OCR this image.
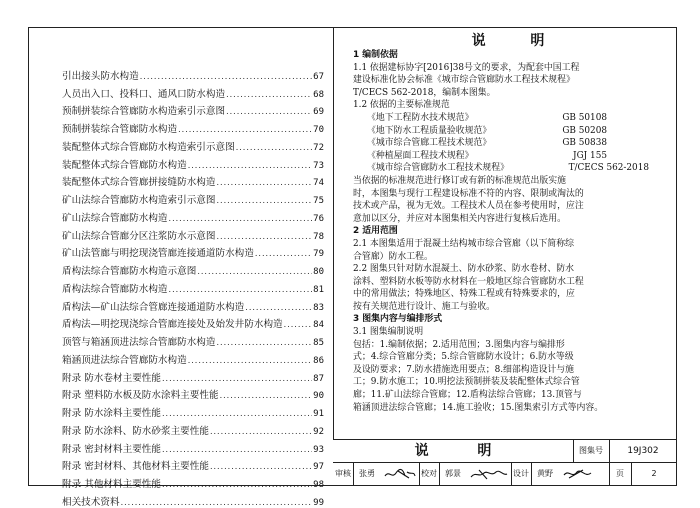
引出接头防水构造 .....	67
人员出入口、投料口、通风口防水构造 .....	68
预制拼装综合管廊防水构造索引示意图 .....	69
预制拼装综合管廊防水构造 .....	70
装配整体式综合管廊防水构造索引示意图 .....	72
装配整体式综合管廊防水构造 .....	73
装配整体式综合管廊拼接缝防水构造 .....	74
矿山法综合管廊防水构造索引示意图 .....	75
矿山法综合管廊防水构造 .....	76
矿山法综合管廊分区注浆防水示意图 .....	78
矿山法管廊与明挖现浇管廊连接通道防水构造 .....	79
盾构法综合管廊防水构造示意图 .....	80
盾构法综合管廊防水构造 .....	81
盾构法—矿山法综合管廊连接通道防水构造 .....	83
盾构法—明挖现浇综合管廊连接处及始发井防水构造 .....	84
顶管与箱涵顶进法综合管廊防水构造 .....	85
箱涵顶进法综合管廊防水构造 .....	86
附录 防水卷材主要性能 .....	87
附录 塑料防水板及防水涂料主要性能 .....	90
附录 防水涂料主要性能 .....	91
附录 防水涂料、防水砂浆主要性能 .....	92
附录 密封材料主要性能 .....	93
附录 密封材料、其他材料主要性能 .....	97
附录 其他材料主要性能 .....	98
相关技术资料 .....	99
说 明
1 编制依据
1.1 依据建标协字[2016]38号文的要求，为配套中国工程
建设标准化协会标准《城市综合管廊防水工程技术规程》
T/CECS 562-2018，编制本图集。
1.2 依据的主要标准规范
《地下工程防水技术规范》	GB 50108
《地下防水工程质量验收规范》	GB 50208
《城市综合管廊工程技术规范》	GB 50838
《种植屋面工程技术规程》	JGJ 155
《城市综合管廊防水工程技术规程》	T/CECS 562-2018
当依据的标准规范进行修订或有新的标准规范出版实施
时，本图集与现行工程建设标准不符的内容、限制或淘汰的
技术或产品，视为无效。工程技术人员在参考使用时，应注
意加以区分，并应对本图集相关内容进行复核后选用。
2 适用范围
2.1 本图集适用于混凝土结构城市综合管廊（以下简称综
合管廊）防水工程。
2.2 图集只针对防水混凝土、防水砂浆、防水卷材、防水
涂料、塑料防水板等防水材料在一般地区综合管廊防水工程
中的常用做法；特殊地区、特殊工程或有特殊要求的，应
按有关规范进行设计、施工与验收。
3 图集内容与编排形式
3.1 图集编制说明
包括：1.编制依据；2.适用范围；3.图集内容与编排形
式；4.综合管廊分类；5.综合管廊防水设计；6.防水等级
及设防要求；7.防水措施选用要点；8.细部构造设计与施
工；9.防水施工；10.明挖法预制拼装及装配整体式综合管
廊；11.矿山法综合管廊；12.盾构法综合管廊；13.顶管与
箱涵顶进法综合管廊；14.施工验收；15.图集索引方式等内容。
说 明	图集号	19J302
审核	张勇	校对	郭景	设计	黄野	页	2
